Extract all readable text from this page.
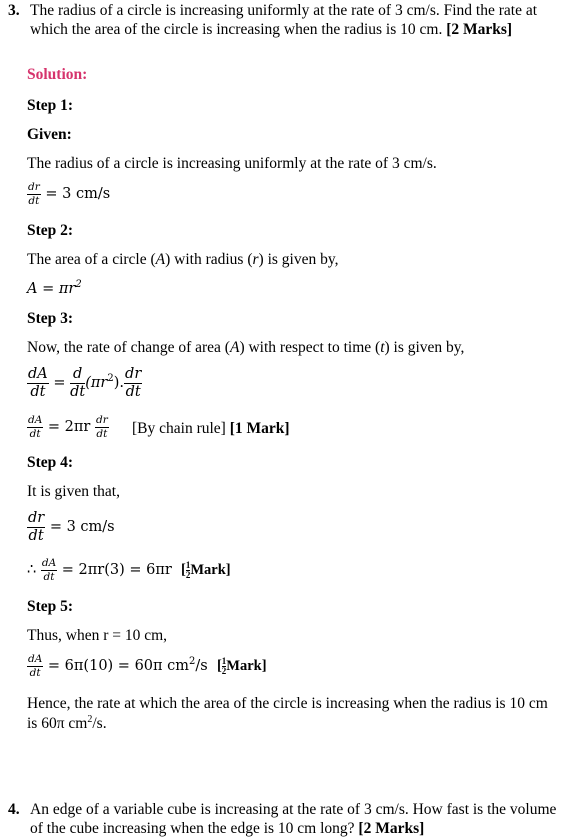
3. The radius of a circle is increasing uniformly at the rate of 3 cm/s. Find the rate at
which the area of the circle is increasing when the radius is 10 cm. [2 Marks]
Solution:
Step 1:
Given:
The radius of a circle is increasing uniformly at the rate of 3 cm/s.
$\frac{dr}{dt} = 3$ cm/s
Step 2:
The area of a circle (A) with radius (r) is given by,
$A = \pi r^2$
Step 3:
Now, the rate of change of area (A) with respect to time (t) is given by,
$\frac{dA}{dt} = \frac{d}{dt} (\pi r^2)$. $\frac{dr}{dt}$
$\frac{dA}{dt} = 2\pi r \frac{dr}{dt} [By$ chain rule] [1 Mark]
Step 4:
It is given that,
$\frac{dr}{dt} = 3$ cm/s
∴ $\frac{dA}{dt} = 2\pi r(3) = 6\pi r$ [ $\frac{1}{2}$ Mark]
Step 5:
Thus, when r = 10 cm,
$\frac{dA}{dt} = 6\pi(10) = 60\pi$ $cm^2/s$ [ $\frac{1}{2}$ Mark]
Hence, the rate at which the area of the circle is increasing when the radius is 10 cm
is 60π $cm^2/s$.
4. An edge of a variable cube is increasing at the rate of 3 cm/s. How fast is the volume
of the cube increasing when the edge is 10 cm long? [2 Marks]
